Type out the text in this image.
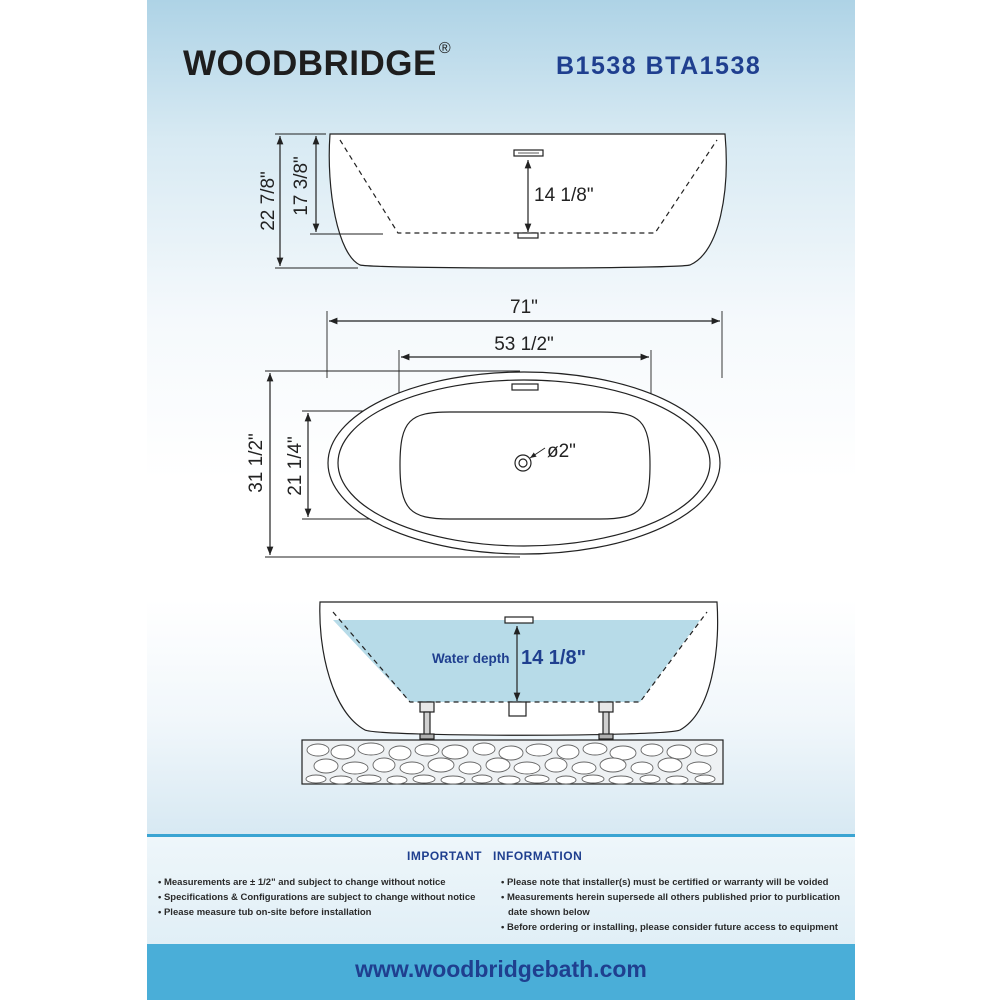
WOODBRIDGE ®
B1538 BTA1538
22 7/8" 17 3/8"	14 1/8"
71"
53 1/2"
31 1/2" 21 1/4"	ø2"
Water depth 14 1/8"
IMPORTANT INFORMATION
• Measurements are ± 1/2" and subject to change without notice
• Specifications & Configurations are subject to change without notice
• Please measure tub on-site before installation
• Please note that installer(s) must be certified or warranty will be voided
• Measurements herein supersede all others published prior to purblication
date shown below
• Before ordering or installing, please consider future access to equipment
www.woodbridgebath.com
